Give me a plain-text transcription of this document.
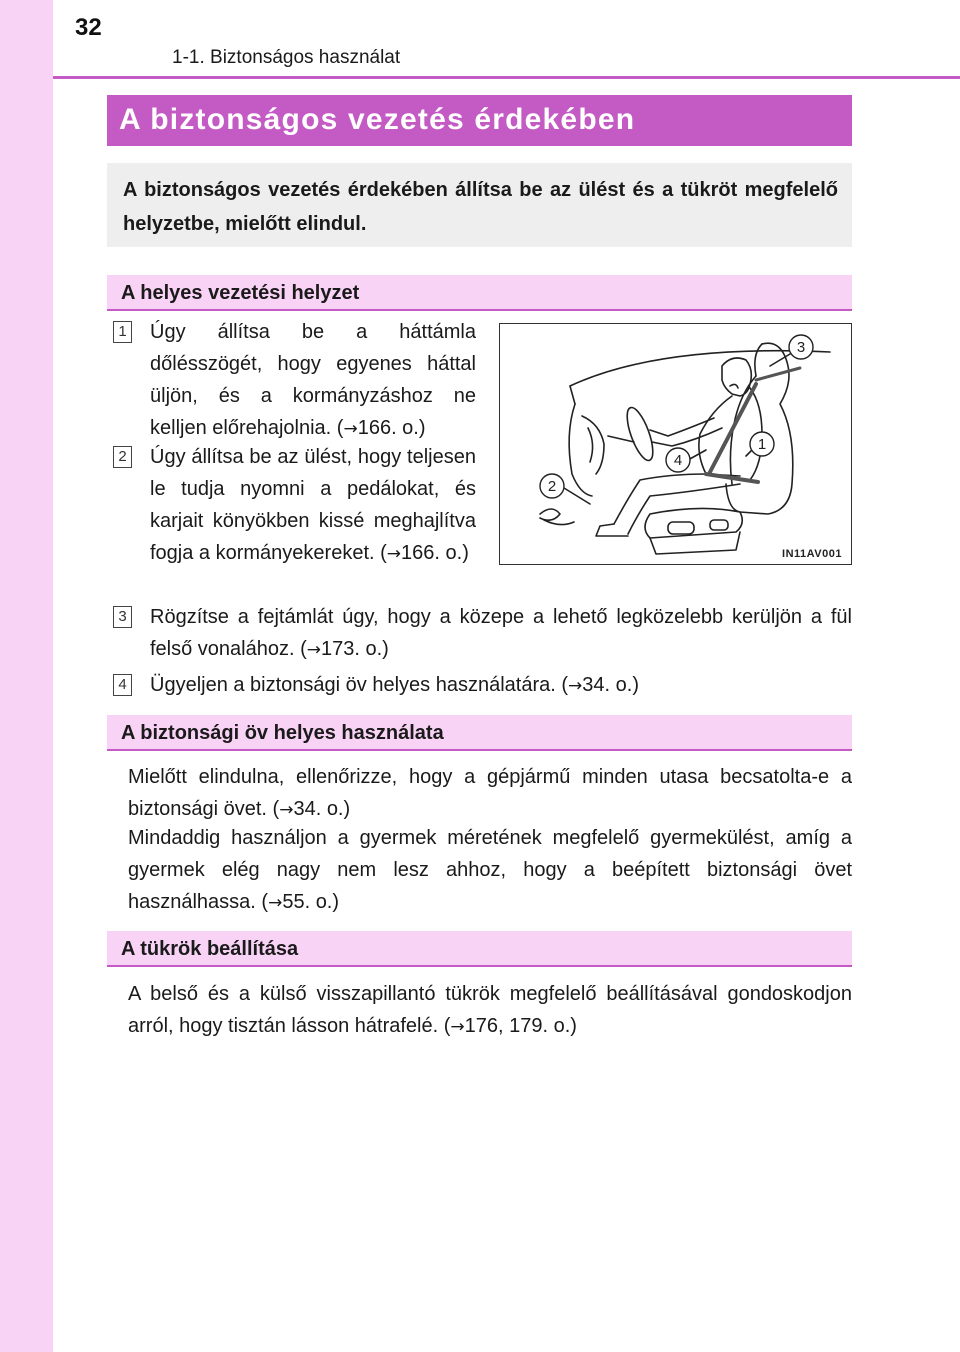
32
1-1. Biztonságos használat
A biztonságos vezetés érdekében
A biztonságos vezetés érdekében állítsa be az ülést és a tükröt megfelelő helyzetbe, mielőtt elindul.
A helyes vezetési helyzet
1 Úgy állítsa be a háttámla dőlésszögét, hogy egyenes háttal üljön, és a kormányzáshoz ne kelljen előrehajolnia. (→166. o.)
2 Úgy állítsa be az ülést, hogy teljesen le tudja nyomni a pedálokat, és karjait könyökben kissé meghajlítva fogja a kormányekereket. (→166. o.)
3
1
4
2
IN11AV001
3 Rögzítse a fejtámlát úgy, hogy a közepe a lehető legközelebb kerüljön a fül felső vonalához. (→173. o.)
4 Ügyeljen a biztonsági öv helyes használatára. (→34. o.)
A biztonsági öv helyes használata
Mielőtt elindulna, ellenőrizze, hogy a gépjármű minden utasa becsatolta-e a biztonsági övet. (→34. o.)
Mindaddig használjon a gyermek méretének megfelelő gyermekülést, amíg a gyermek elég nagy nem lesz ahhoz, hogy a beépített biztonsági övet használhassa. (→55. o.)
A tükrök beállítása
A belső és a külső visszapillantó tükrök megfelelő beállításával gondoskodjon arról, hogy tisztán lásson hátrafelé. (→176, 179. o.)
